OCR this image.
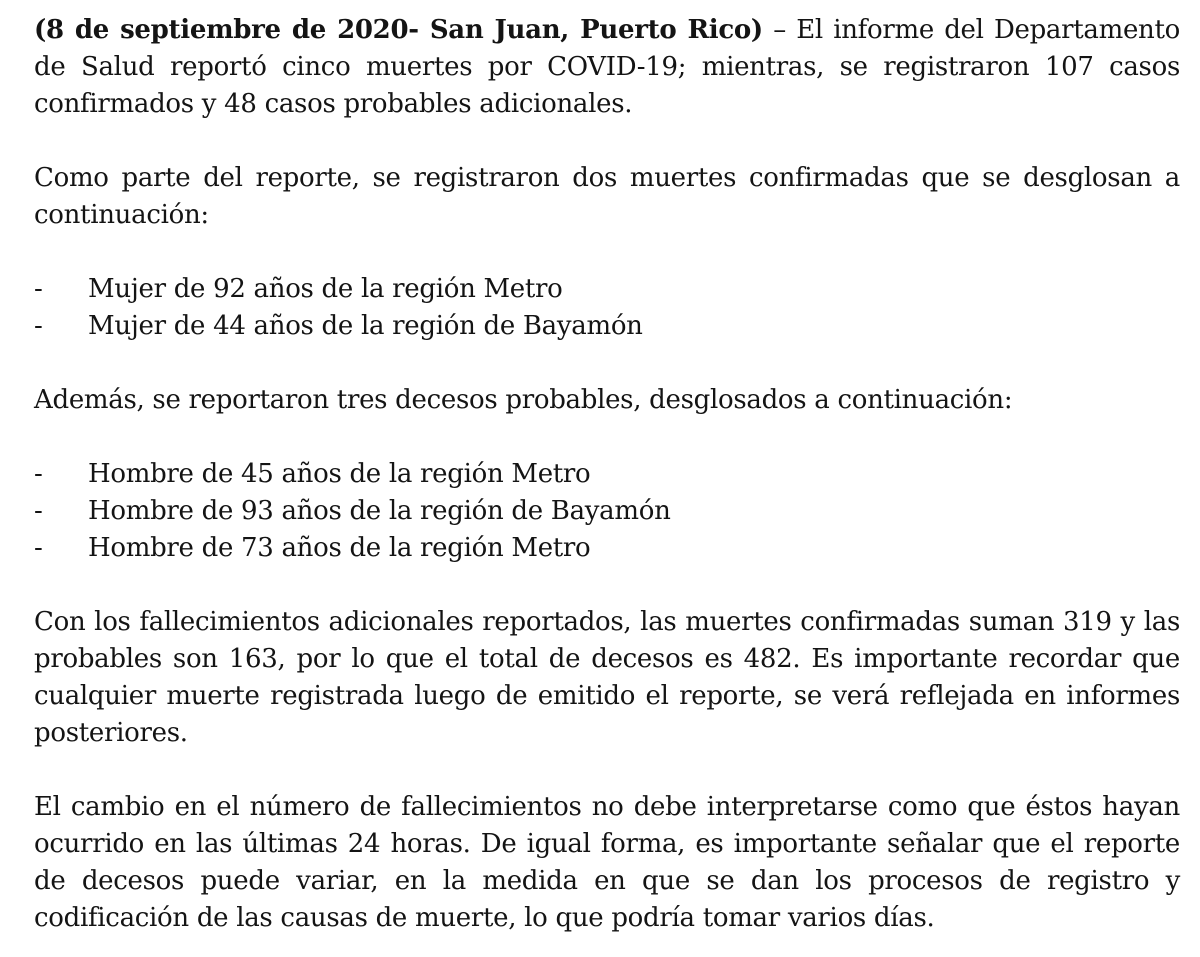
(8 de septiembre de 2020- San Juan, Puerto Rico) – El informe del Departamento de Salud reportó cinco muertes por COVID-19; mientras, se registraron 107 casos confirmados y 48 casos probables adicionales.

Como parte del reporte, se registraron dos muertes confirmadas que se desglosan a continuación:

- Mujer de 92 años de la región Metro
- Mujer de 44 años de la región de Bayamón

Además, se reportaron tres decesos probables, desglosados a continuación:

- Hombre de 45 años de la región Metro
- Hombre de 93 años de la región de Bayamón
- Hombre de 73 años de la región Metro

Con los fallecimientos adicionales reportados, las muertes confirmadas suman 319 y las probables son 163, por lo que el total de decesos es 482. Es importante recordar que cualquier muerte registrada luego de emitido el reporte, se verá reflejada en informes posteriores.

El cambio en el número de fallecimientos no debe interpretarse como que éstos hayan ocurrido en las últimas 24 horas. De igual forma, es importante señalar que el reporte de decesos puede variar, en la medida en que se dan los procesos de registro y codificación de las causas de muerte, lo que podría tomar varios días.
